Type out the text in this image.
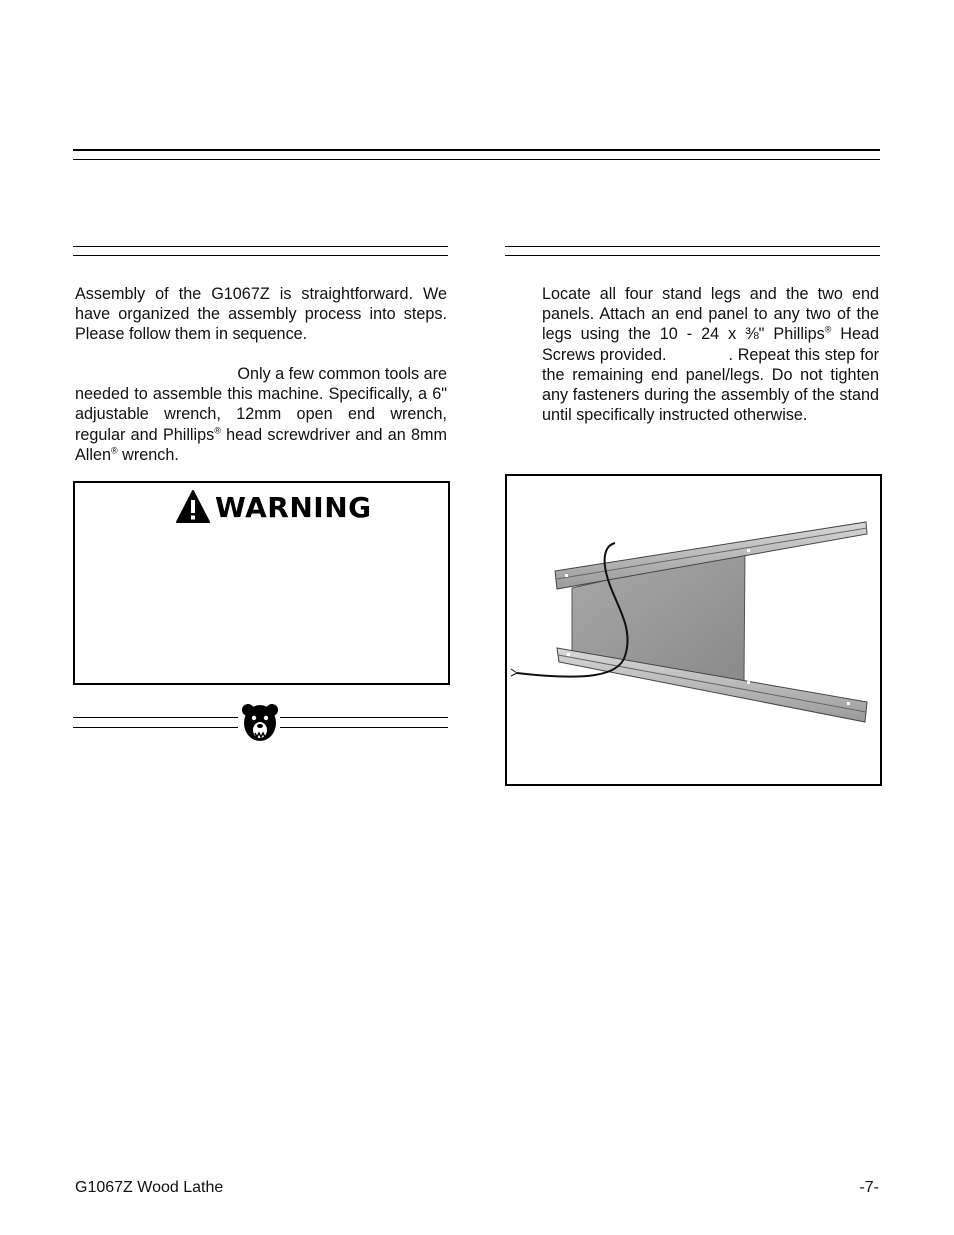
Assembly of the G1067Z is straightforward. We have organized the assembly process into steps. Please follow them in sequence.

Only a few common tools are

needed to assemble this machine. Specifically, a 6" adjustable wrench, 12mm open end wrench, regular and Phillips® head screwdriver and an 8mm Allen® wrench.

WARNING

Locate all four stand legs and the two end panels. Attach an end panel to any two of the legs using the 10 - 24 x ⅜" Phillips® Head Screws provided.	. Repeat this step for the remaining end panel/legs. Do not tighten any fasteners during the assembly of the stand until specifically instructed otherwise.

G1067Z Wood Lathe	-7-
